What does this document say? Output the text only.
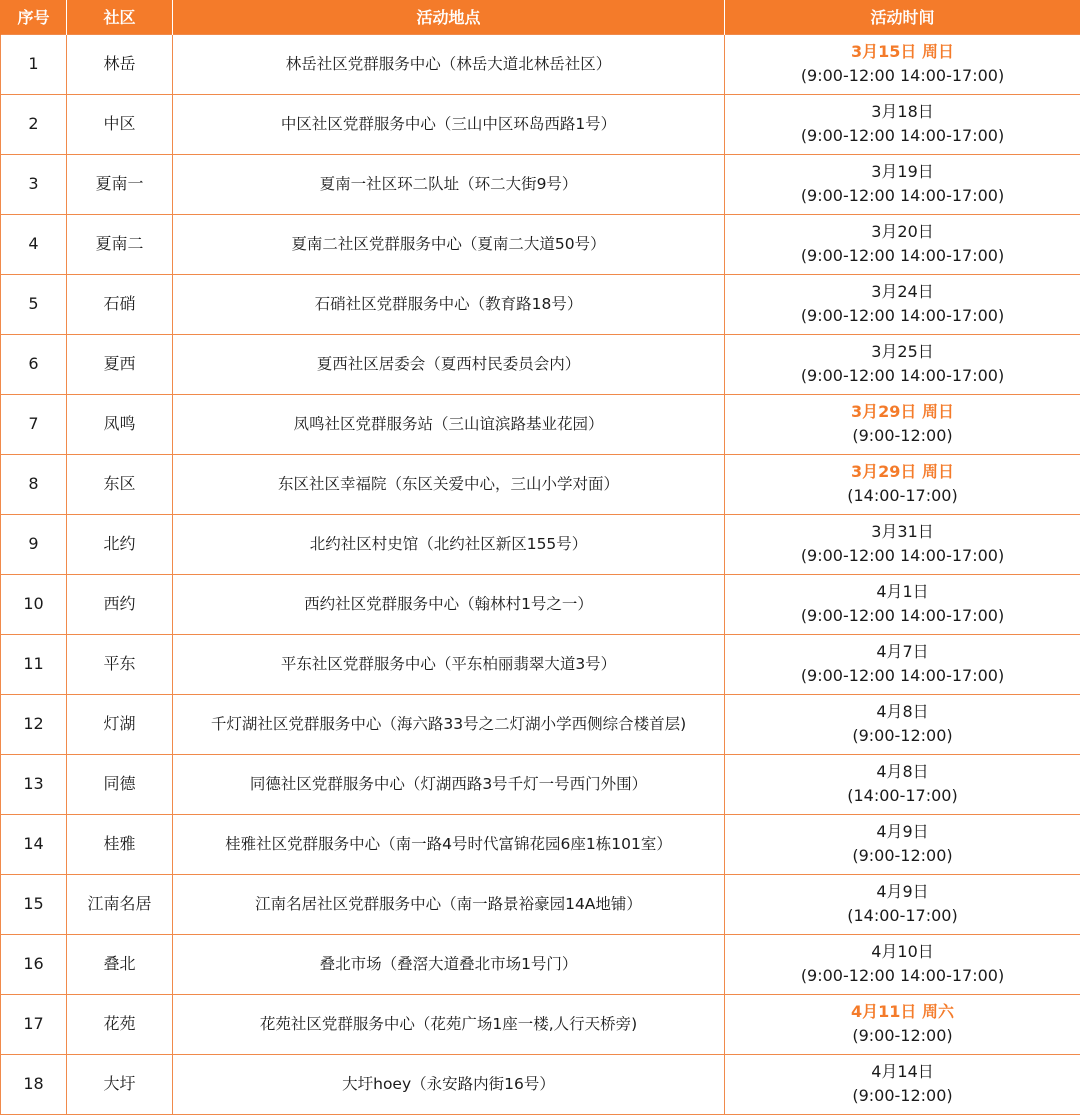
序号	社区	活动地点	活动时间
1	林岳	林岳社区党群服务中心（林岳大道北林岳社区）	3月15日 周日
(9:00-12:00 14:00-17:00)

2	中区	中区社区党群服务中心（三山中区环岛西路1号）	3月18日
(9:00-12:00 14:00-17:00)

3	夏南一	夏南一社区环二队址（环二大街9号）	3月19日
(9:00-12:00 14:00-17:00)

4	夏南二	夏南二社区党群服务中心（夏南二大道50号）	3月20日
(9:00-12:00 14:00-17:00)

5	石硝	石硝社区党群服务中心（教育路18号）	3月24日
(9:00-12:00 14:00-17:00)

6	夏西	夏西社区居委会（夏西村民委员会内）	3月25日
(9:00-12:00 14:00-17:00)

7	凤鸣	凤鸣社区党群服务站（三山谊滨路基业花园）	3月29日 周日
(9:00-12:00)

8	东区	东区社区幸福院（东区关爱中心，三山小学对面）	3月29日 周日
(14:00-17:00)

9	北约	北约社区村史馆（北约社区新区155号）	3月31日
(9:00-12:00 14:00-17:00)

10	西约	西约社区党群服务中心（翰林村1号之一）	4月1日
(9:00-12:00 14:00-17:00)

11	平东	平东社区党群服务中心（平东柏丽翡翠大道3号）	4月7日
(9:00-12:00 14:00-17:00)

12	灯湖	千灯湖社区党群服务中心（海六路33号之二灯湖小学西侧综合楼首层)	4月8日
(9:00-12:00)

13	同德	同德社区党群服务中心（灯湖西路3号千灯一号西门外围）	4月8日
(14:00-17:00)

14	桂雅	桂雅社区党群服务中心（南一路4号时代富锦花园6座1栋101室）	4月9日
(9:00-12:00)

15	江南名居	江南名居社区党群服务中心（南一路景裕豪园14A地铺）	4月9日
(14:00-17:00)

16	叠北	叠北市场（叠滘大道叠北市场1号门）	4月10日
(9:00-12:00 14:00-17:00)

17	花苑	花苑社区党群服务中心（花苑广场1座一楼,人行天桥旁)	4月11日 周六
(9:00-12:00)

18	大圩	大圩hoey（永安路内街16号）	4月14日
(9:00-12:00)
